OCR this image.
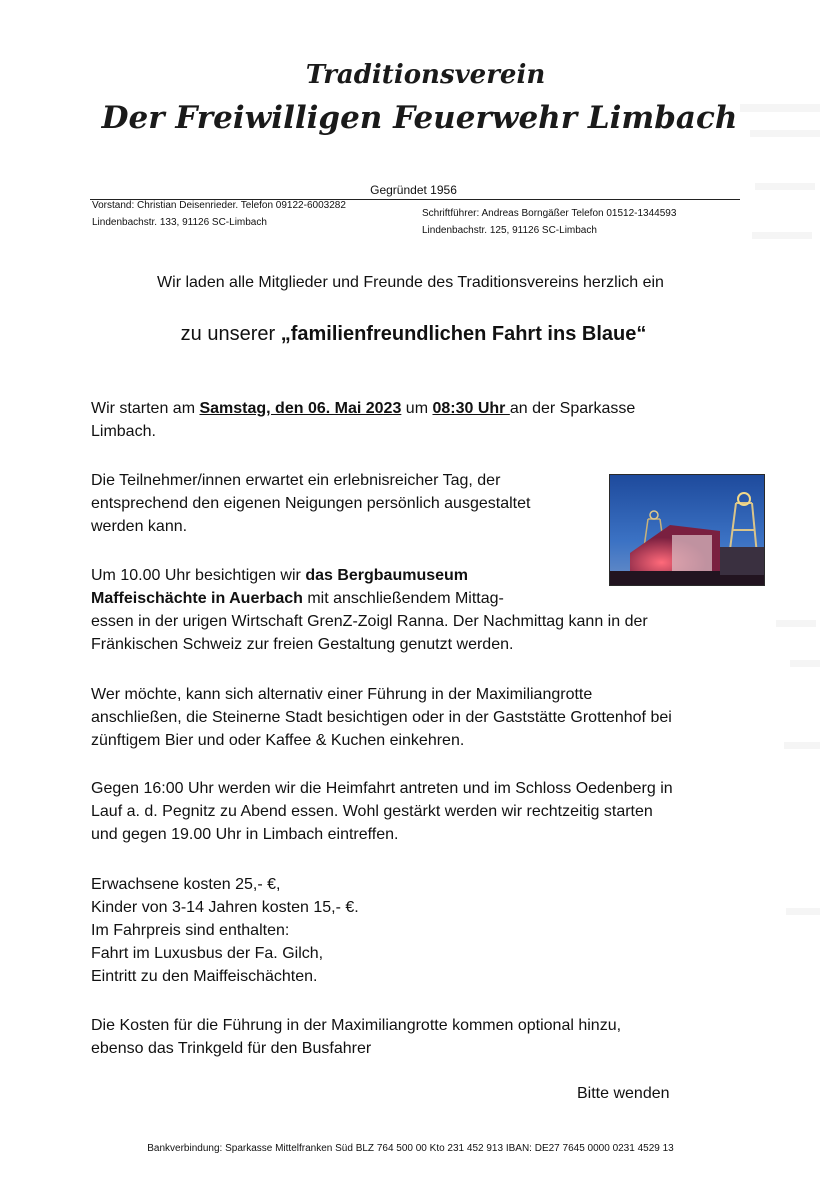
Traditionsverein
Der Freiwilligen Feuerwehr Limbach
Gegründet 1956
Vorstand: Christian Deisenrieder. Telefon 09122-6003282
Lindenbachstr. 133, 91126 SC-Limbach
Schriftführer: Andreas Borngäßer Telefon 01512-1344593
Lindenbachstr. 125, 91126 SC-Limbach
Wir laden alle Mitglieder und Freunde des Traditionsvereins herzlich ein
zu unserer „familienfreundlichen Fahrt ins Blaue“
Wir starten am Samstag, den 06. Mai 2023 um 08:30 Uhr an der Sparkasse
Limbach.
Die Teilnehmer/innen erwartet ein erlebnisreicher Tag, der
entsprechend den eigenen Neigungen persönlich ausgestaltet
werden kann.
Um 10.00 Uhr besichtigen wir das Bergbaumuseum
Maffeischächte in Auerbach mit anschließendem Mittag-
essen in der urigen Wirtschaft GrenZ-Zoigl Ranna. Der Nachmittag kann in der
Fränkischen Schweiz zur freien Gestaltung genutzt werden.
Wer möchte, kann sich alternativ einer Führung in der Maximiliangrotte
anschließen, die Steinerne Stadt besichtigen oder in der Gaststätte Grottenhof bei
zünftigem Bier und oder Kaffee & Kuchen einkehren.
Gegen 16:00 Uhr werden wir die Heimfahrt antreten und im Schloss Oedenberg in
Lauf a. d. Pegnitz zu Abend essen. Wohl gestärkt werden wir rechtzeitig starten
und gegen 19.00 Uhr in Limbach eintreffen.
Erwachsene kosten 25,- €,
Kinder von 3-14 Jahren kosten 15,- €.
Im Fahrpreis sind enthalten:
Fahrt im Luxusbus der Fa. Gilch,
Eintritt zu den Maiffeischächten.
Die Kosten für die Führung in der Maximiliangrotte kommen optional hinzu,
ebenso das Trinkgeld für den Busfahrer
Bitte wenden
Bankverbindung: Sparkasse Mittelfranken Süd BLZ 764 500 00 Kto 231 452 913 IBAN: DE27 7645 0000 0231 4529 13
